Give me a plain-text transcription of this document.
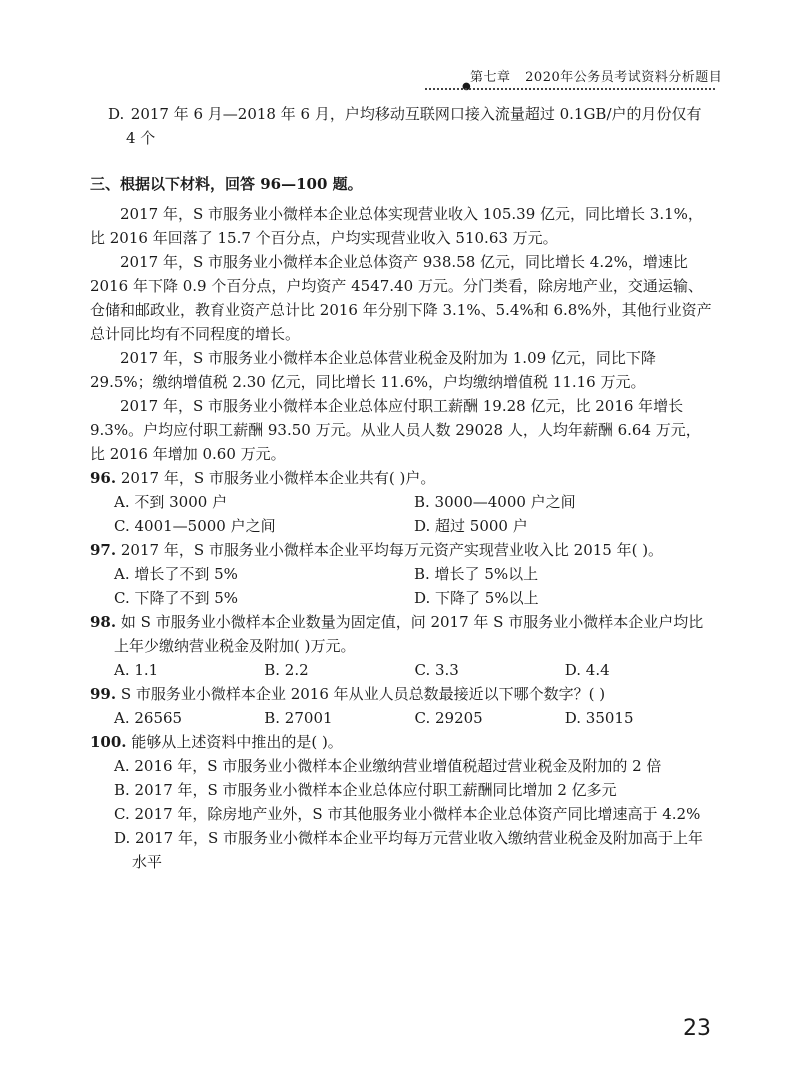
第七章 2020年公务员考试资料分析题目
●

D. 2017 年 6 月—2018 年 6 月，户均移动互联网口接入流量超过 0.1GB/户的月份仅有 4 个

三、根据以下材料，回答 96—100 题。

2017 年，S 市服务业小微样本企业总体实现营业收入 105.39 亿元，同比增长 3.1%，比 2016 年回落了 15.7 个百分点，户均实现营业收入 510.63 万元。

2017 年，S 市服务业小微样本企业总体资产 938.58 亿元，同比增长 4.2%，增速比 2016 年下降 0.9 个百分点，户均资产 4547.40 万元。分门类看，除房地产业，交通运输、仓储和邮政业，教育业资产总计比 2016 年分别下降 3.1%、5.4%和 6.8%外，其他行业资产总计同比均有不同程度的增长。

2017 年，S 市服务业小微样本企业总体营业税金及附加为 1.09 亿元，同比下降 29.5%；缴纳增值税 2.30 亿元，同比增长 11.6%，户均缴纳增值税 11.16 万元。

2017 年，S 市服务业小微样本企业总体应付职工薪酬 19.28 亿元，比 2016 年增长 9.3%。户均应付职工薪酬 93.50 万元。从业人员人数 29028 人，人均年薪酬 6.64 万元，比 2016 年增加 0.60 万元。

96. 2017 年，S 市服务业小微样本企业共有( )户。

A. 不到 3000 户	B. 3000—4000 户之间
C. 4001—5000 户之间	D. 超过 5000 户

97. 2017 年，S 市服务业小微样本企业平均每万元资产实现营业收入比 2015 年( )。

A. 增长了不到 5%	B. 增长了 5%以上
C. 下降了不到 5%	D. 下降了 5%以上

98. 如 S 市服务业小微样本企业数量为固定值，问 2017 年 S 市服务业小微样本企业户均比上年少缴纳营业税金及附加( )万元。

A. 1.1	B. 2.2	C. 3.3	D. 4.4

99. S 市服务业小微样本企业 2016 年从业人员总数最接近以下哪个数字？( )

A. 26565	B. 27001	C. 29205	D. 35015

100. 能够从上述资料中推出的是( )。

A. 2016 年，S 市服务业小微样本企业缴纳营业增值税超过营业税金及附加的 2 倍
B. 2017 年，S 市服务业小微样本企业总体应付职工薪酬同比增加 2 亿多元
C. 2017 年，除房地产业外，S 市其他服务业小微样本企业总体资产同比增速高于 4.2%
D. 2017 年，S 市服务业小微样本企业平均每万元营业收入缴纳营业税金及附加高于上年水平
23
